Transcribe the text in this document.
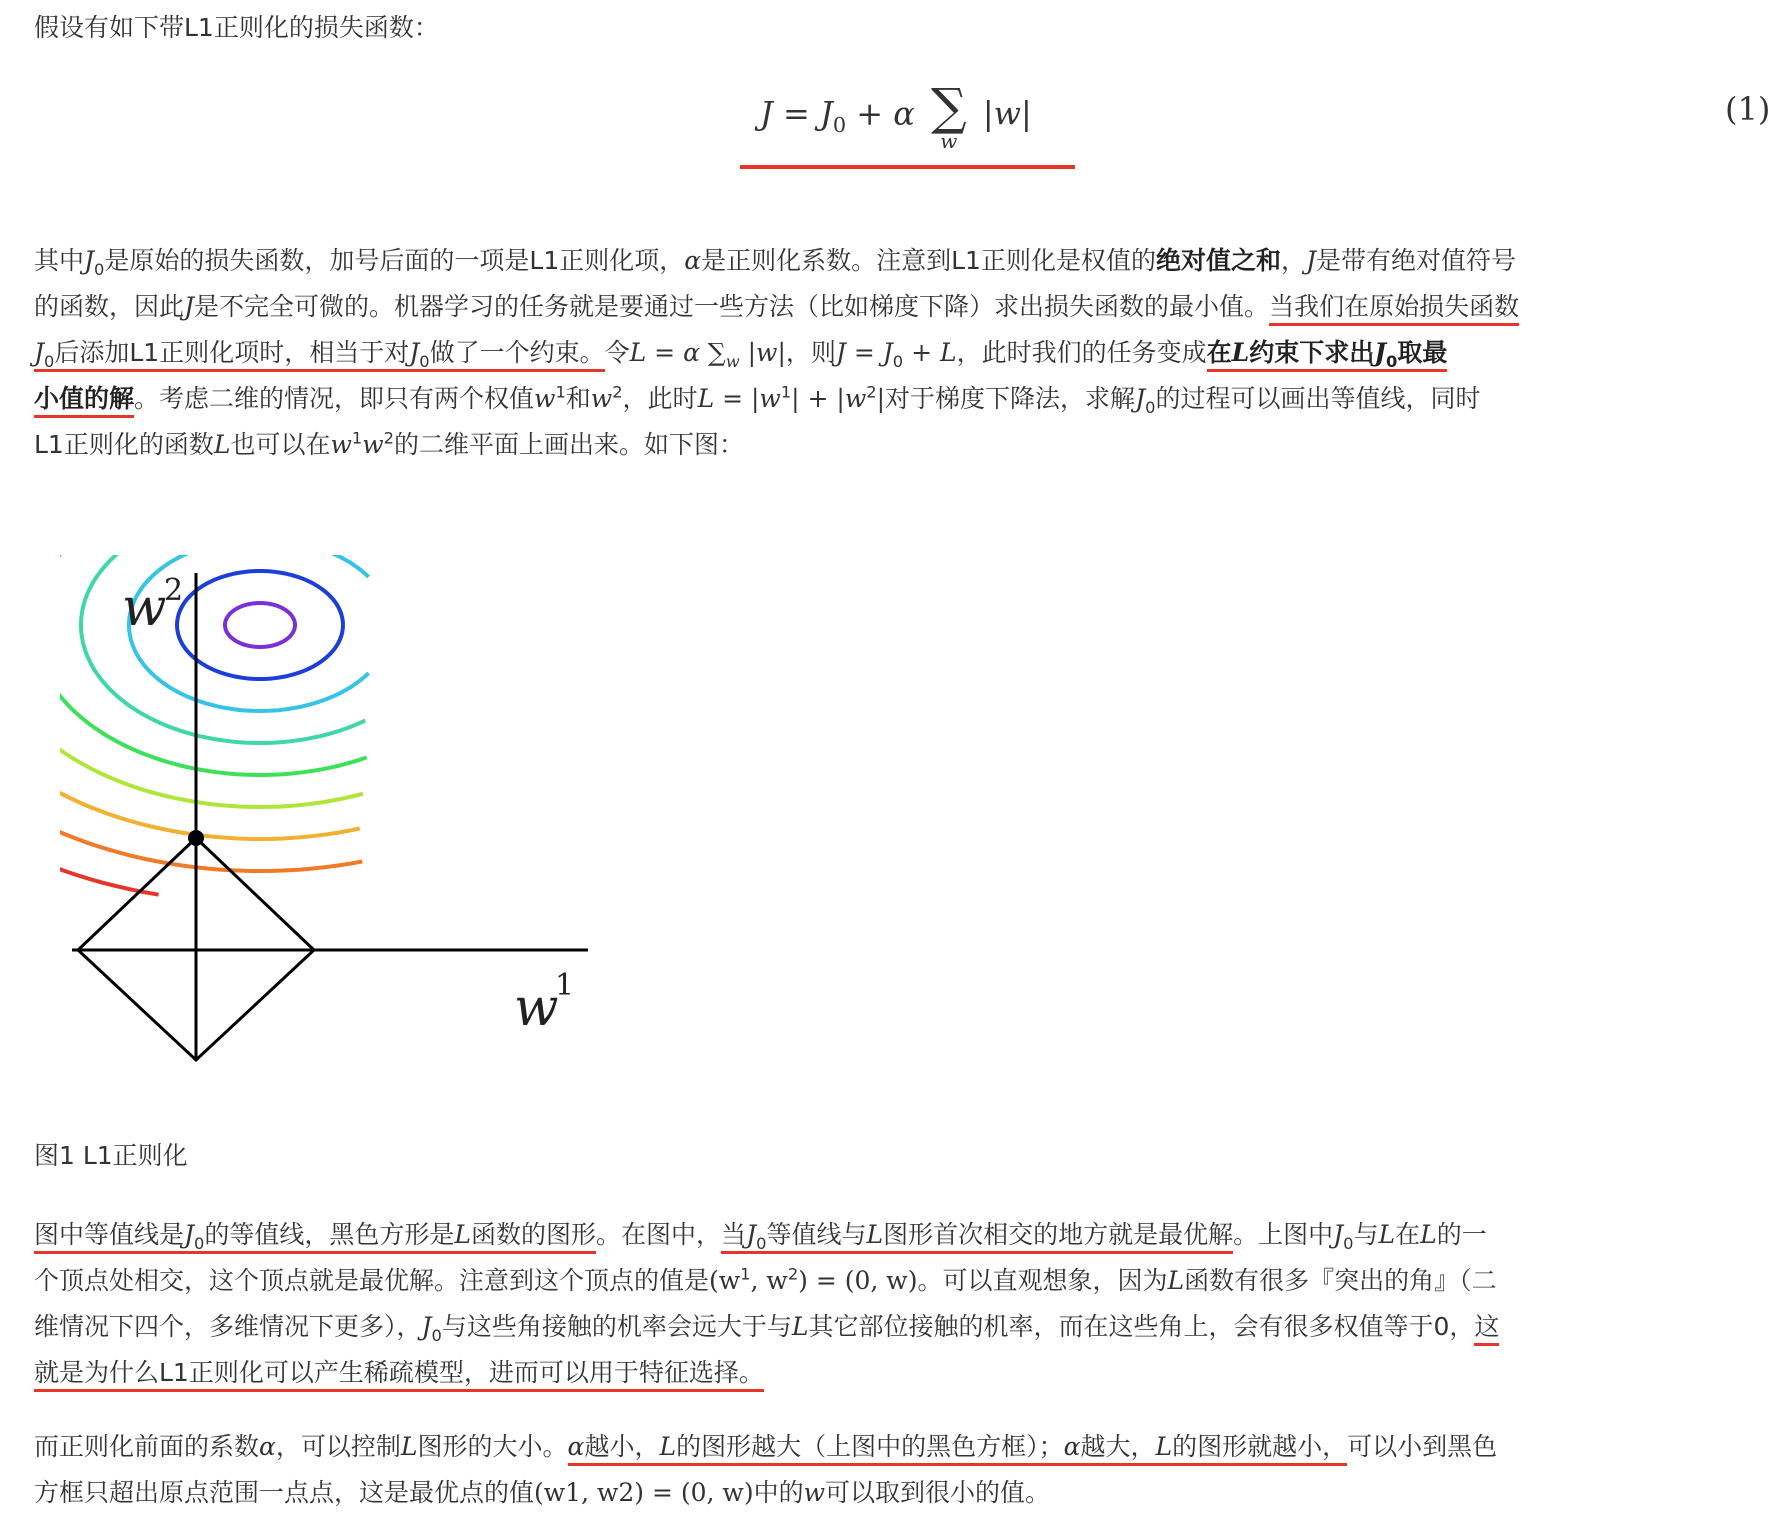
假设有如下带L1正则化的损失函数：
$J = J_0 + \alpha$ ∑
w
|w|	(1)
其中$J_0$是原始的损失函数，加号后面的一项是L1正则化项，α是正则化系数。注意到L1正则化是权值的绝对值之和，J是带有绝对值符号
的函数，因此J是不完全可微的。机器学习的任务就是要通过一些方法（比如梯度下降）求出损失函数的最小值。当我们在原始损失函数
$J_0$后添加L1正则化项时，相当于对$J_0$做了一个约束。令L = α $\sum_w$ |w|，则$J = J_0 + L$，此时我们的任务变成在L约束下求出$J_0$取最
小值的解。考虑二维的情况，即只有两个权值$w^1$和$w^2$，此时$L = |w^1| + |w^2|$对于梯度下降法，求解$J_0$的过程可以画出等值线，同时
L1正则化的函数L也可以在$w^1w^2$的二维平面上画出来。如下图：
w
2
w
1
图1 L1正则化
图中等值线是$J_0$的等值线，黑色方形是L函数的图形。在图中，当$J_0$等值线与L图形首次相交的地方就是最优解。上图中$J_0$与L在L的一
个顶点处相交，这个顶点就是最优解。注意到这个顶点的值是($w^1$, $w^2) = (0$, w)。可以直观想象，因为L函数有很多『突出的角』（二
维情况下四个，多维情况下更多），$J_0$与这些角接触的机率会远大于与L其它部位接触的机率，而在这些角上，会有很多权值等于0，这
就是为什么L1正则化可以产生稀疏模型，进而可以用于特征选择。
而正则化前面的系数α，可以控制L图形的大小。α越小，L的图形越大（上图中的黑色方框）；α越大，L的图形就越小，可以小到黑色
方框只超出原点范围一点点，这是最优点的值(w1, w2) = (0, w)中的w可以取到很小的值。
